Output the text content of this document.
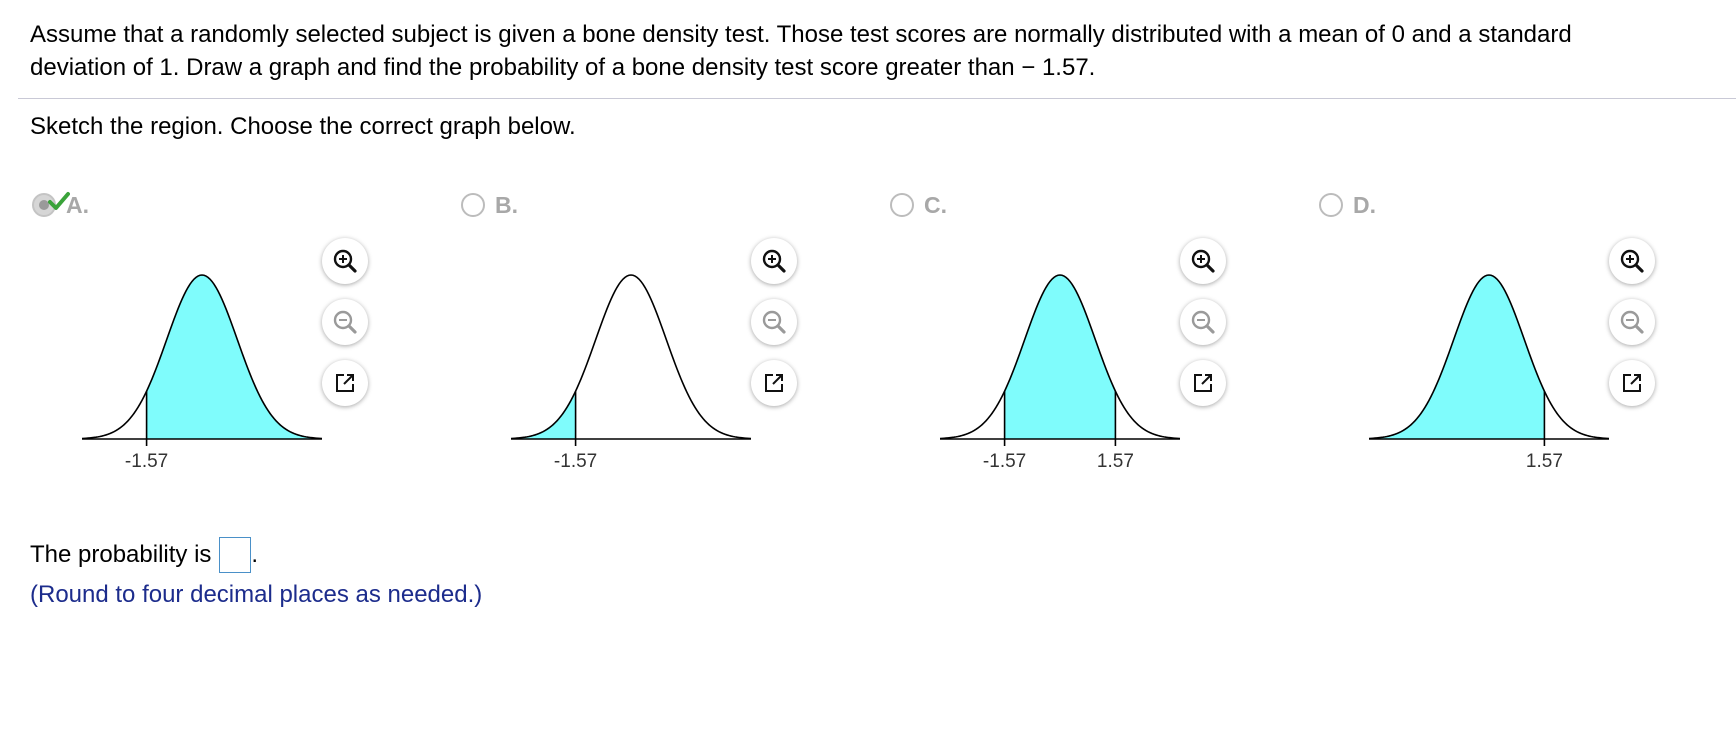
Assume that a randomly selected subject is given a bone density test. Those test scores are normally distributed with a mean of 0 and a standard
deviation of 1. Draw a graph and find the probability of a bone density test score greater than − 1.57.
Sketch the region. Choose the correct graph below.
A.
-1.57
B.
-1.57
C.
-1.57	1.57
D.
1.57
The probability is .
(Round to four decimal places as needed.)
